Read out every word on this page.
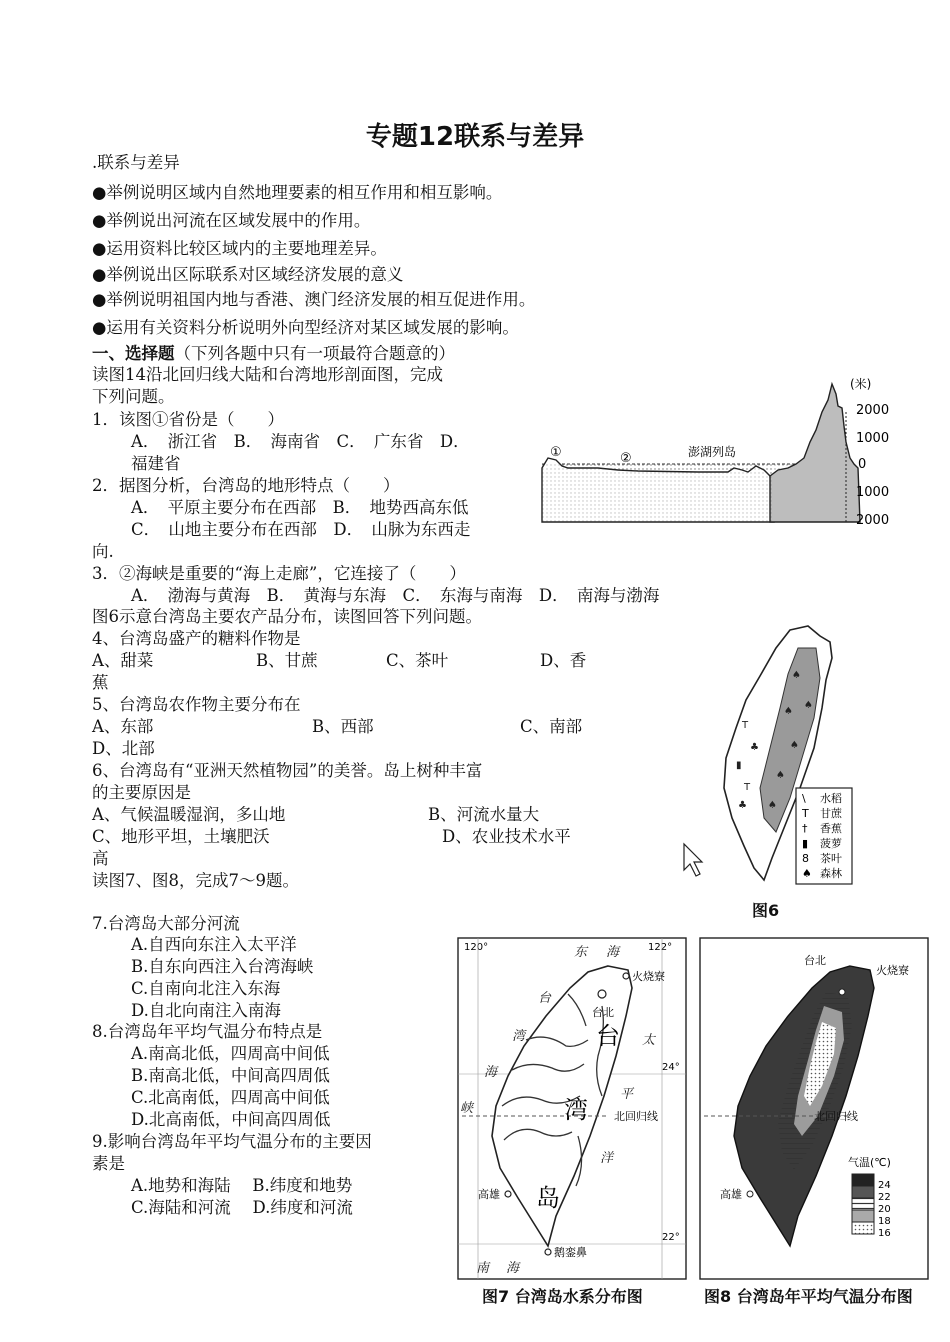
专题12联系与差异
.联系与差异
●举例说明区域内自然地理要素的相互作用和相互影响。
●举例说出河流在区域发展中的作用。
●运用资料比较区域内的主要地理差异。
●举例说出区际联系对区域经济发展的意义
●举例说明祖国内地与香港、澳门经济发展的相互促进作用。
●运用有关资料分析说明外向型经济对某区域发展的影响。
一、选择题（下列各题中只有一项最符合题意的）
读图14沿北回归线大陆和台湾地形剖面图，完成
下列问题。
1．该图①省份是（　　）
A．　浙江省　B．　海南省　C．　广东省　D．
福建省
2．据图分析，台湾岛的地形特点（　　）
A．　平原主要分布在西部　B．　地势西高东低
C．　山地主要分布在西部　D．　山脉为东西走
向.
3．②海峡是重要的“海上走廊”，它连接了（　　）
A．　渤海与黄海　B．　黄海与东海　C．　东海与南海　D．　南海与渤海
图6示意台湾岛主要农产品分布，读图回答下列问题。
4、台湾岛盛产的糖料作物是
A、甜菜	B、甘蔗	C、茶叶	D、香
蕉
5、台湾岛农作物主要分布在
A、东部	B、西部	C、南部
D、北部
6、台湾岛有“亚洲天然植物园”的美誉。岛上树种丰富
的主要原因是
A、气候温暖湿润，多山地	B、河流水量大
C、地形平坦，土壤肥沃	D、农业技术水平
高
读图7、图8，完成7～9题。
7.台湾岛大部分河流
A.自西向东注入太平洋
B.自东向西注入台湾海峡
C.自南向北注入东海
D.自北向南注入南海
8.台湾岛年平均气温分布特点是
A.南高北低，四周高中间低
B.南高北低，中间高四周低
C.北高南低，四周高中间低
D.北高南低，中间高四周低
9.影响台湾岛年平均气温分布的主要因
素是
A.地势和海陆　 B.纬度和地势
C.海陆和河流　 D.纬度和河流
(米)
2000
1000
0
1000
2000
①	②	澎湖列岛
T
♣
▮
T
♣
♠
♠
♠
♠
♠
♠
\ 水稻
T 甘蔗
† 香蕉
▮ 菠萝
8 茶叶
♠ 森林
图6
120°	122°
24°
22°
台北
火烧寮
高雄
鹅銮鼻
北回归线
台
湾
岛
东 海
台
湾
海
峡
太
平
洋
南 海
图7 台湾岛水系分布图
台北
火烧寮
高雄
北回归线
气温(℃)
24
22
20
18
16
图8 台湾岛年平均气温分布图
